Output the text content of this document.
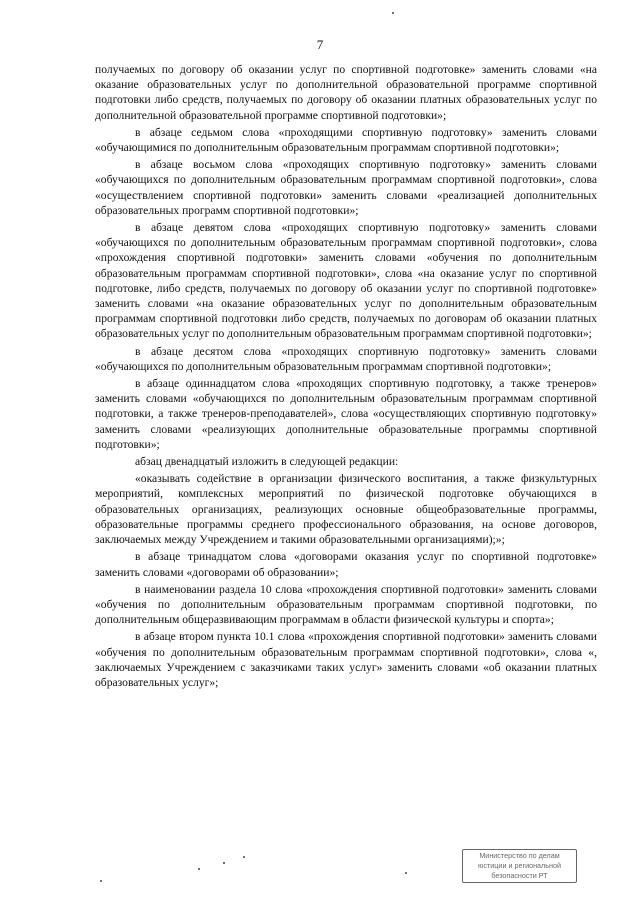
7

получаемых по договору об оказании услуг по спортивной подготовке» заменить словами «на оказание образовательных услуг по дополнительной образовательной программе спортивной подготовки либо средств, получаемых по договору об оказании платных образовательных услуг по дополнительной образовательной программе спортивной подготовки»;

в абзаце седьмом слова «проходящими спортивную подготовку» заменить словами «обучающимися по дополнительным образовательным программам спортивной подготовки»;

в абзаце восьмом слова «проходящих спортивную подготовку» заменить словами «обучающихся по дополнительным образовательным программам спортивной подготовки», слова «осуществлением спортивной подготовки» заменить словами «реализацией дополнительных образовательных программ спортивной подготовки»;

в абзаце девятом слова «проходящих спортивную подготовку» заменить словами «обучающихся по дополнительным образовательным программам спортивной подготовки», слова «прохождения спортивной подготовки» заменить словами «обучения по дополнительным образовательным программам спортивной подготовки», слова «на оказание услуг по спортивной подготовке, либо средств, получаемых по договору об оказании услуг по спортивной подготовке» заменить словами «на оказание образовательных услуг по дополнительным образовательным программам спортивной подготовки либо средств, получаемых по договорам об оказании платных образовательных услуг по дополнительным образовательным программам спортивной подготовки»;

в абзаце десятом слова «проходящих спортивную подготовку» заменить словами «обучающихся по дополнительным образовательным программам спортивной подготовки»;

в абзаце одиннадцатом слова «проходящих спортивную подготовку, а также тренеров» заменить словами «обучающихся по дополнительным образовательным программам спортивной подготовки, а также тренеров-преподавателей», слова «осуществляющих спортивную подготовку» заменить словами «реализующих дополнительные образовательные программы спортивной подготовки»;

абзац двенадцатый изложить в следующей редакции:

«оказывать содействие в организации физического воспитания, а также физкультурных мероприятий, комплексных мероприятий по физической подготовке обучающихся в образовательных организациях, реализующих основные общеобразовательные программы, образовательные программы среднего профессионального образования, на основе договоров, заключаемых между Учреждением и такими образовательными организациями);»;

в абзаце тринадцатом слова «договорами оказания услуг по спортивной подготовке» заменить словами «договорами об образовании»;

в наименовании раздела 10 слова «прохождения спортивной подготовки» заменить словами «обучения по дополнительным образовательным программам спортивной подготовки, по дополнительным общеразвивающим программам в области физической культуры и спорта»;

в абзаце втором пункта 10.1 слова «прохождения спортивной подготовки» заменить словами «обучения по дополнительным образовательным программам спортивной подготовки», слова «, заключаемых Учреждением с заказчиками таких услуг» заменить словами «об оказании платных образовательных услуг»;

Министерство по делам
юстиции и региональной
безопасности РТ
